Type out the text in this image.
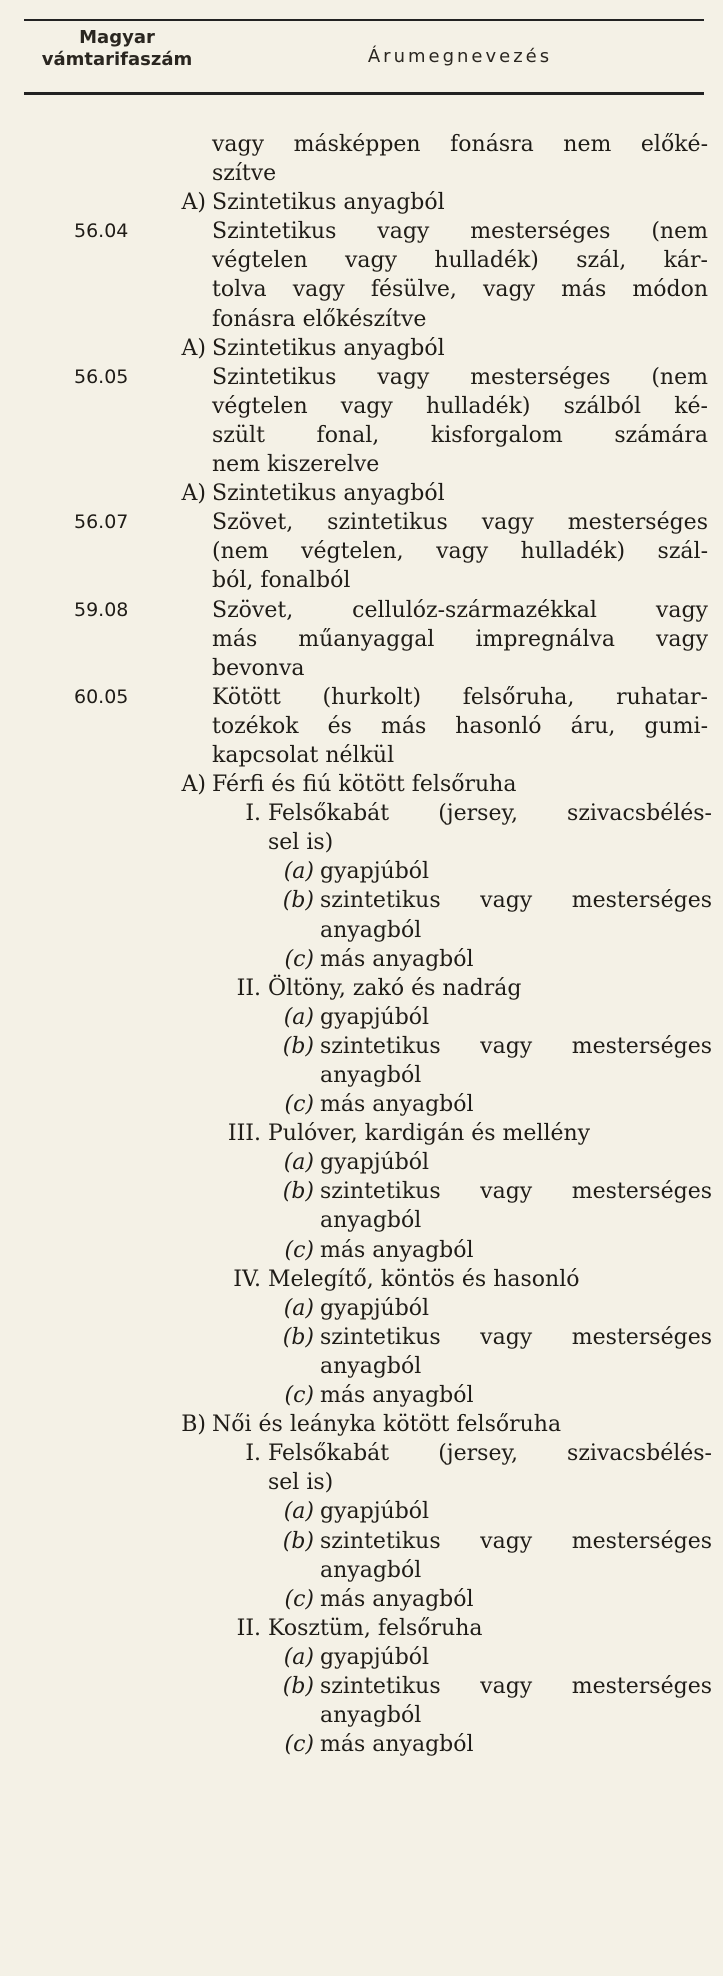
Magyar
vámtarifaszám	Árumegnevezés
vagy másképpen fonásra nem előké-
szítve
A) Szintetikus anyagból
56.04	Szintetikus vagy mesterséges (nem
végtelen vagy hulladék) szál, kár-
tolva vagy fésülve, vagy más módon
fonásra előkészítve
A) Szintetikus anyagból
56.05	Szintetikus vagy mesterséges (nem
végtelen vagy hulladék) szálból ké-
szült fonal, kisforgalom számára
nem kiszerelve
A) Szintetikus anyagból
56.07	Szövet, szintetikus vagy mesterséges
(nem végtelen, vagy hulladék) szál-
ból, fonalból
59.08	Szövet, cellulóz-származékkal vagy
más műanyaggal impregnálva vagy
bevonva
60.05	Kötött (hurkolt) felsőruha, ruhatar-
tozékok és más hasonló áru, gumi-
kapcsolat nélkül
A) Férfi és fiú kötött felsőruha
I. Felsőkabát (jersey, szivacsbélés-
sel is)
(a) gyapjúból
(b) szintetikus vagy mesterséges
anyagból
(c) más anyagból
II. Öltöny, zakó és nadrág
(a) gyapjúból
(b) szintetikus vagy mesterséges
anyagból
(c) más anyagból
III. Pulóver, kardigán és mellény
(a) gyapjúból
(b) szintetikus vagy mesterséges
anyagból
(c) más anyagból
IV. Melegítő, köntös és hasonló
(a) gyapjúból
(b) szintetikus vagy mesterséges
anyagból
(c) más anyagból
B) Női és leányka kötött felsőruha
I. Felsőkabát (jersey, szivacsbélés-
sel is)
(a) gyapjúból
(b) szintetikus vagy mesterséges
anyagból
(c) más anyagból
II. Kosztüm, felsőruha
(a) gyapjúból
(b) szintetikus vagy mesterséges
anyagból
(c) más anyagból
